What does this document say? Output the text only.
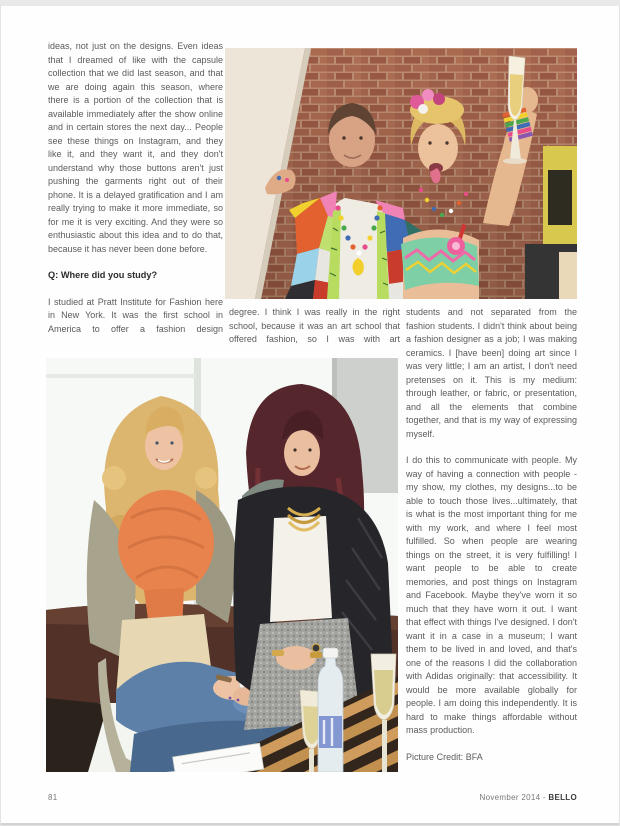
ideas, not just on the designs. Even ideas that I dreamed of like with the capsule collection that we did last season, and that we are doing again this season, where there is a portion of the collection that is available immediately after the show online and in certain stores the next day... People see these things on Instagram, and they like it, and they want it, and they don't understand why those buttons aren't just pushing the garments right out of their phone. It is a delayed gratification and I am really trying to make it more immediate, so for me it is very exciting. And they were so enthusiastic about this idea and to do that, because it has never been done before.

Q: Where did you study?

I studied at Pratt Institute for Fashion here in New York. It was the first school in America to offer a fashion design

degree. I think I was really in the right school, because it was an art school that offered fashion, so I was with art

students and not separated from the fashion students. I didn't think about being a fashion designer as a job; I was making ceramics. I [have been] doing art since I was very little; I am an artist, I don't need pretenses on it. This is my medium: through leather, or fabric, or presentation, and all the elements that combine together, and that is my way of expressing myself.

I do this to communicate with people. My way of having a connection with people - my show, my clothes, my designs...to be able to touch those lives...ultimately, that is what is the most important thing for me with my work, and where I feel most fulfilled. So when people are wearing things on the street, it is very fulfilling! I want people to be able to create memories, and post things on Instagram and Facebook. Maybe they've worn it so much that they have worn it out. I want that effect with things I've designed. I don't want it in a case in a museum; I want them to be lived in and loved, and that's one of the reasons I did the collaboration with Adidas originally: that accessibility. It would be more available globally for people. I am doing this independently. It is hard to make things affordable without mass production.

Picture Credit: BFA

81	November 2014 - BELLO
